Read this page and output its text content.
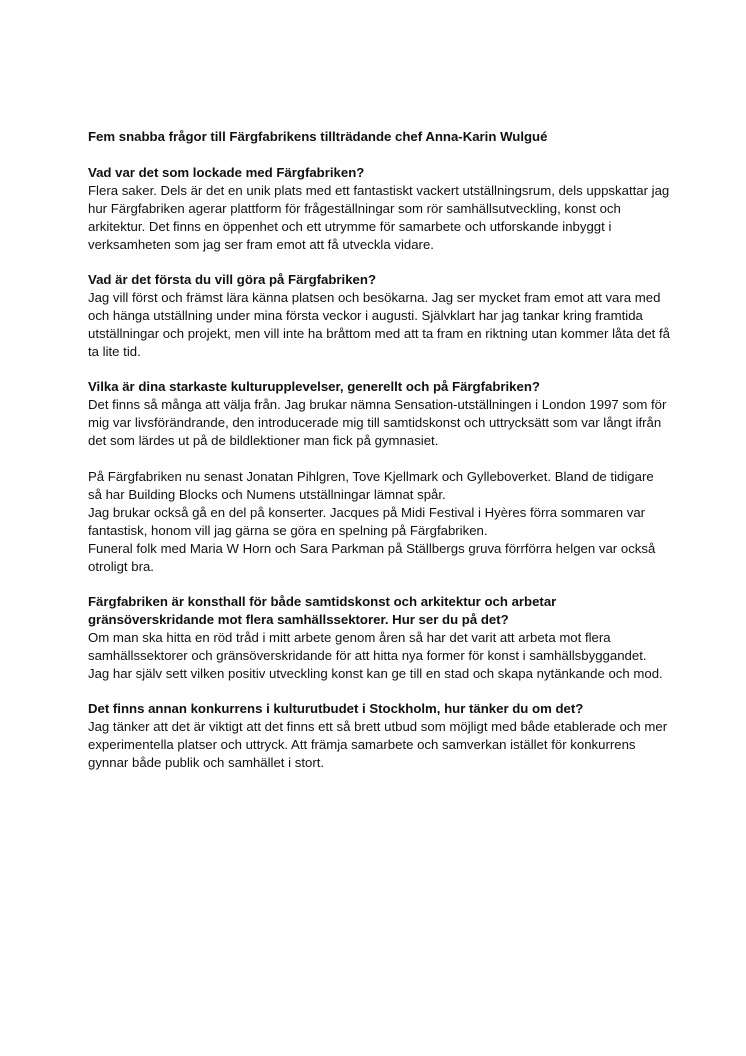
Fem snabba frågor till Färgfabrikens tillträdande chef Anna-Karin Wulgué

Vad var det som lockade med Färgfabriken?

Flera saker. Dels är det en unik plats med ett fantastiskt vackert utställningsrum, dels uppskattar jag hur Färgfabriken agerar plattform för frågeställningar som rör samhällsutveckling, konst och arkitektur. Det finns en öppenhet och ett utrymme för samarbete och utforskande inbyggt i verksamheten som jag ser fram emot att få utveckla vidare.

Vad är det första du vill göra på Färgfabriken?

Jag vill först och främst lära känna platsen och besökarna. Jag ser mycket fram emot att vara med och hänga utställning under mina första veckor i augusti. Självklart har jag tankar kring framtida utställningar och projekt, men vill inte ha bråttom med att ta fram en riktning utan kommer låta det få ta lite tid.

Vilka är dina starkaste kulturupplevelser, generellt och på Färgfabriken?

Det finns så många att välja från. Jag brukar nämna Sensation-utställningen i London 1997 som för mig var livsförändrande, den introducerade mig till samtidskonst och uttrycksätt som var långt ifrån det som lärdes ut på de bildlektioner man fick på gymnasiet.

På Färgfabriken nu senast Jonatan Pihlgren, Tove Kjellmark och Gylleboverket. Bland de tidigare så har Building Blocks och Numens utställningar lämnat spår.

Jag brukar också gå en del på konserter. Jacques på Midi Festival i Hyères förra sommaren var fantastisk, honom vill jag gärna se göra en spelning på Färgfabriken.

Funeral folk med Maria W Horn och Sara Parkman på Ställbergs gruva förrförra helgen var också otroligt bra.

Färgfabriken är konsthall för både samtidskonst och arkitektur och arbetar gränsöverskridande mot flera samhällssektorer. Hur ser du på det?

Om man ska hitta en röd tråd i mitt arbete genom åren så har det varit att arbeta mot flera samhällssektorer och gränsöverskridande för att hitta nya former för konst i samhällsbyggandet. Jag har själv sett vilken positiv utveckling konst kan ge till en stad och skapa nytänkande och mod.

Det finns annan konkurrens i kulturutbudet i Stockholm, hur tänker du om det?

Jag tänker att det är viktigt att det finns ett så brett utbud som möjligt med både etablerade och mer experimentella platser och uttryck. Att främja samarbete och samverkan istället för konkurrens gynnar både publik och samhället i stort.
